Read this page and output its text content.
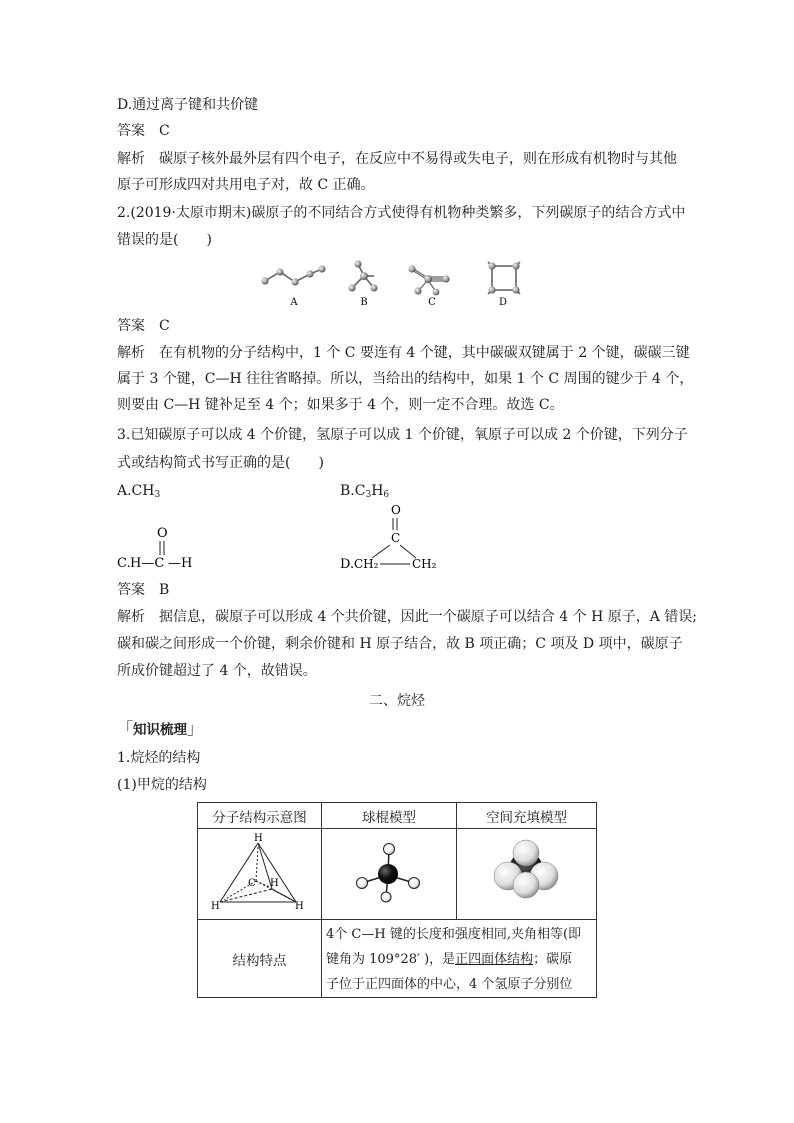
D.通过离子键和共价键
答案 C
解析 碳原子核外最外层有四个电子，在反应中不易得或失电子，则在形成有机物时与其他
原子可形成四对共用电子对，故 C 正确。
2.(2019·太原市期末)碳原子的不同结合方式使得有机物种类繁多，下列碳原子的结合方式中
错误的是(　　)
A	B	C	D
答案 C
解析 在有机物的分子结构中，1 个 C 要连有 4 个键，其中碳碳双键属于 2 个键，碳碳三键
属于 3 个键，C—H 往往省略掉。所以，当给出的结构中，如果 1 个 C 周围的键少于 4 个，
则要由 C—H 键补足至 4 个；如果多于 4 个，则一定不合理。故选 C。
3.已知碳原子可以成 4 个价键，氢原子可以成 1 个价键，氧原子可以成 2 个价键，下列分子
式或结构简式书写正确的是(　　)
$A.CH_3$	$B.C_3H_6$
C.
O
H—C —H	D.
O
C
CH₂	CH₂
答案 B
解析 据信息，碳原子可以形成 4 个共价键，因此一个碳原子可以结合 4 个 H 原子，A 错误;
碳和碳之间形成一个价键，剩余价键和 H 原子结合，故 B 项正确；C 项及 D 项中，碳原子
所成价键超过了 4 个，故错误。
二、烷烃
「知识梳理」
1.烷烃的结构
(1)甲烷的结构
分子结构示意图	球棍模型	空间充填模型

H
C H
H H

结构特点	4个 C—H 键的长度和强度相同,夹角相等(即
键角为 109°28′ )，是正四面体结构；碳原
子位于正四面体的中心，4 个氢原子分别位	
